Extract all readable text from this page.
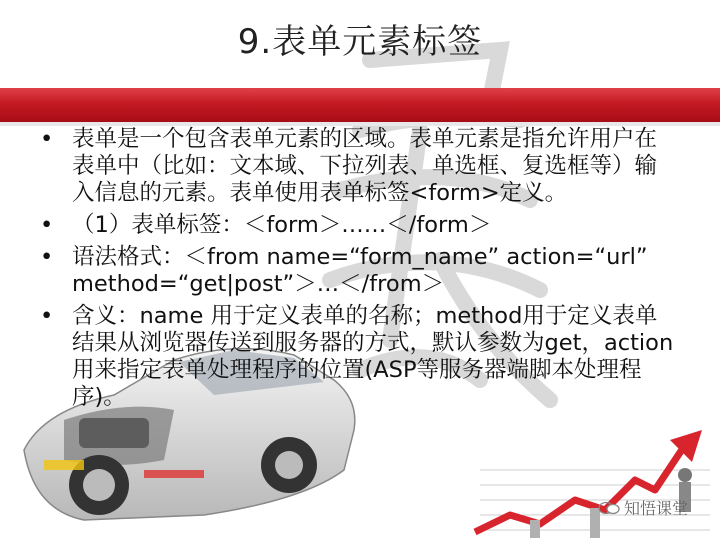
9.表单元素标签
• 表单是一个包含表单元素的区域。表单元素是指允许用户在表单中（比如：文本域、下拉列表、单选框、复选框等）输入信息的元素。表单使用表单标签<form>定义。
• （1）表单标签：＜form＞……＜/form＞
• 语法格式：＜from name=“form_name” action=“url” method=“get|post”＞…＜/from＞
• 含义：name 用于定义表单的名称；method用于定义表单结果从浏览器传送到服务器的方式，默认参数为get，action用来指定表单处理程序的位置(ASP等服务器端脚本处理程序)。
知悟课堂
